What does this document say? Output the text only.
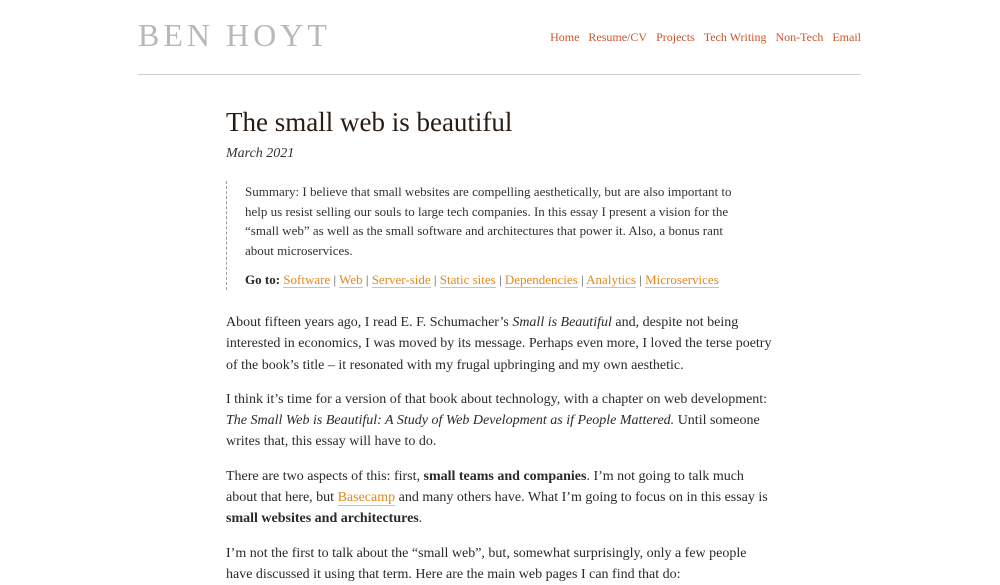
BEN HOYT	Home Resume/CV Projects Tech Writing Non-Tech Email
The small web is beautiful
March 2021

Summary: I believe that small websites are compelling aesthetically, but are also important to help us resist selling our souls to large tech companies. In this essay I present a vision for the “small web” as well as the small software and architectures that power it. Also, a bonus rant about microservices.

Go to: Software | Web | Server-side | Static sites | Dependencies | Analytics | Microservices

About fifteen years ago, I read E. F. Schumacher’s Small is Beautiful and, despite not being interested in economics, I was moved by its message. Perhaps even more, I loved the terse poetry of the book’s title – it resonated with my frugal upbringing and my own aesthetic.

I think it’s time for a version of that book about technology, with a chapter on web development: The Small Web is Beautiful: A Study of Web Development as if People Mattered. Until someone writes that, this essay will have to do.

There are two aspects of this: first, small teams and companies. I’m not going to talk much about that here, but Basecamp and many others have. What I’m going to focus on in this essay is small websites and architectures.

I’m not the first to talk about the “small web”, but, somewhat surprisingly, only a few people have discussed it using that term. Here are the main web pages I can find that do:
